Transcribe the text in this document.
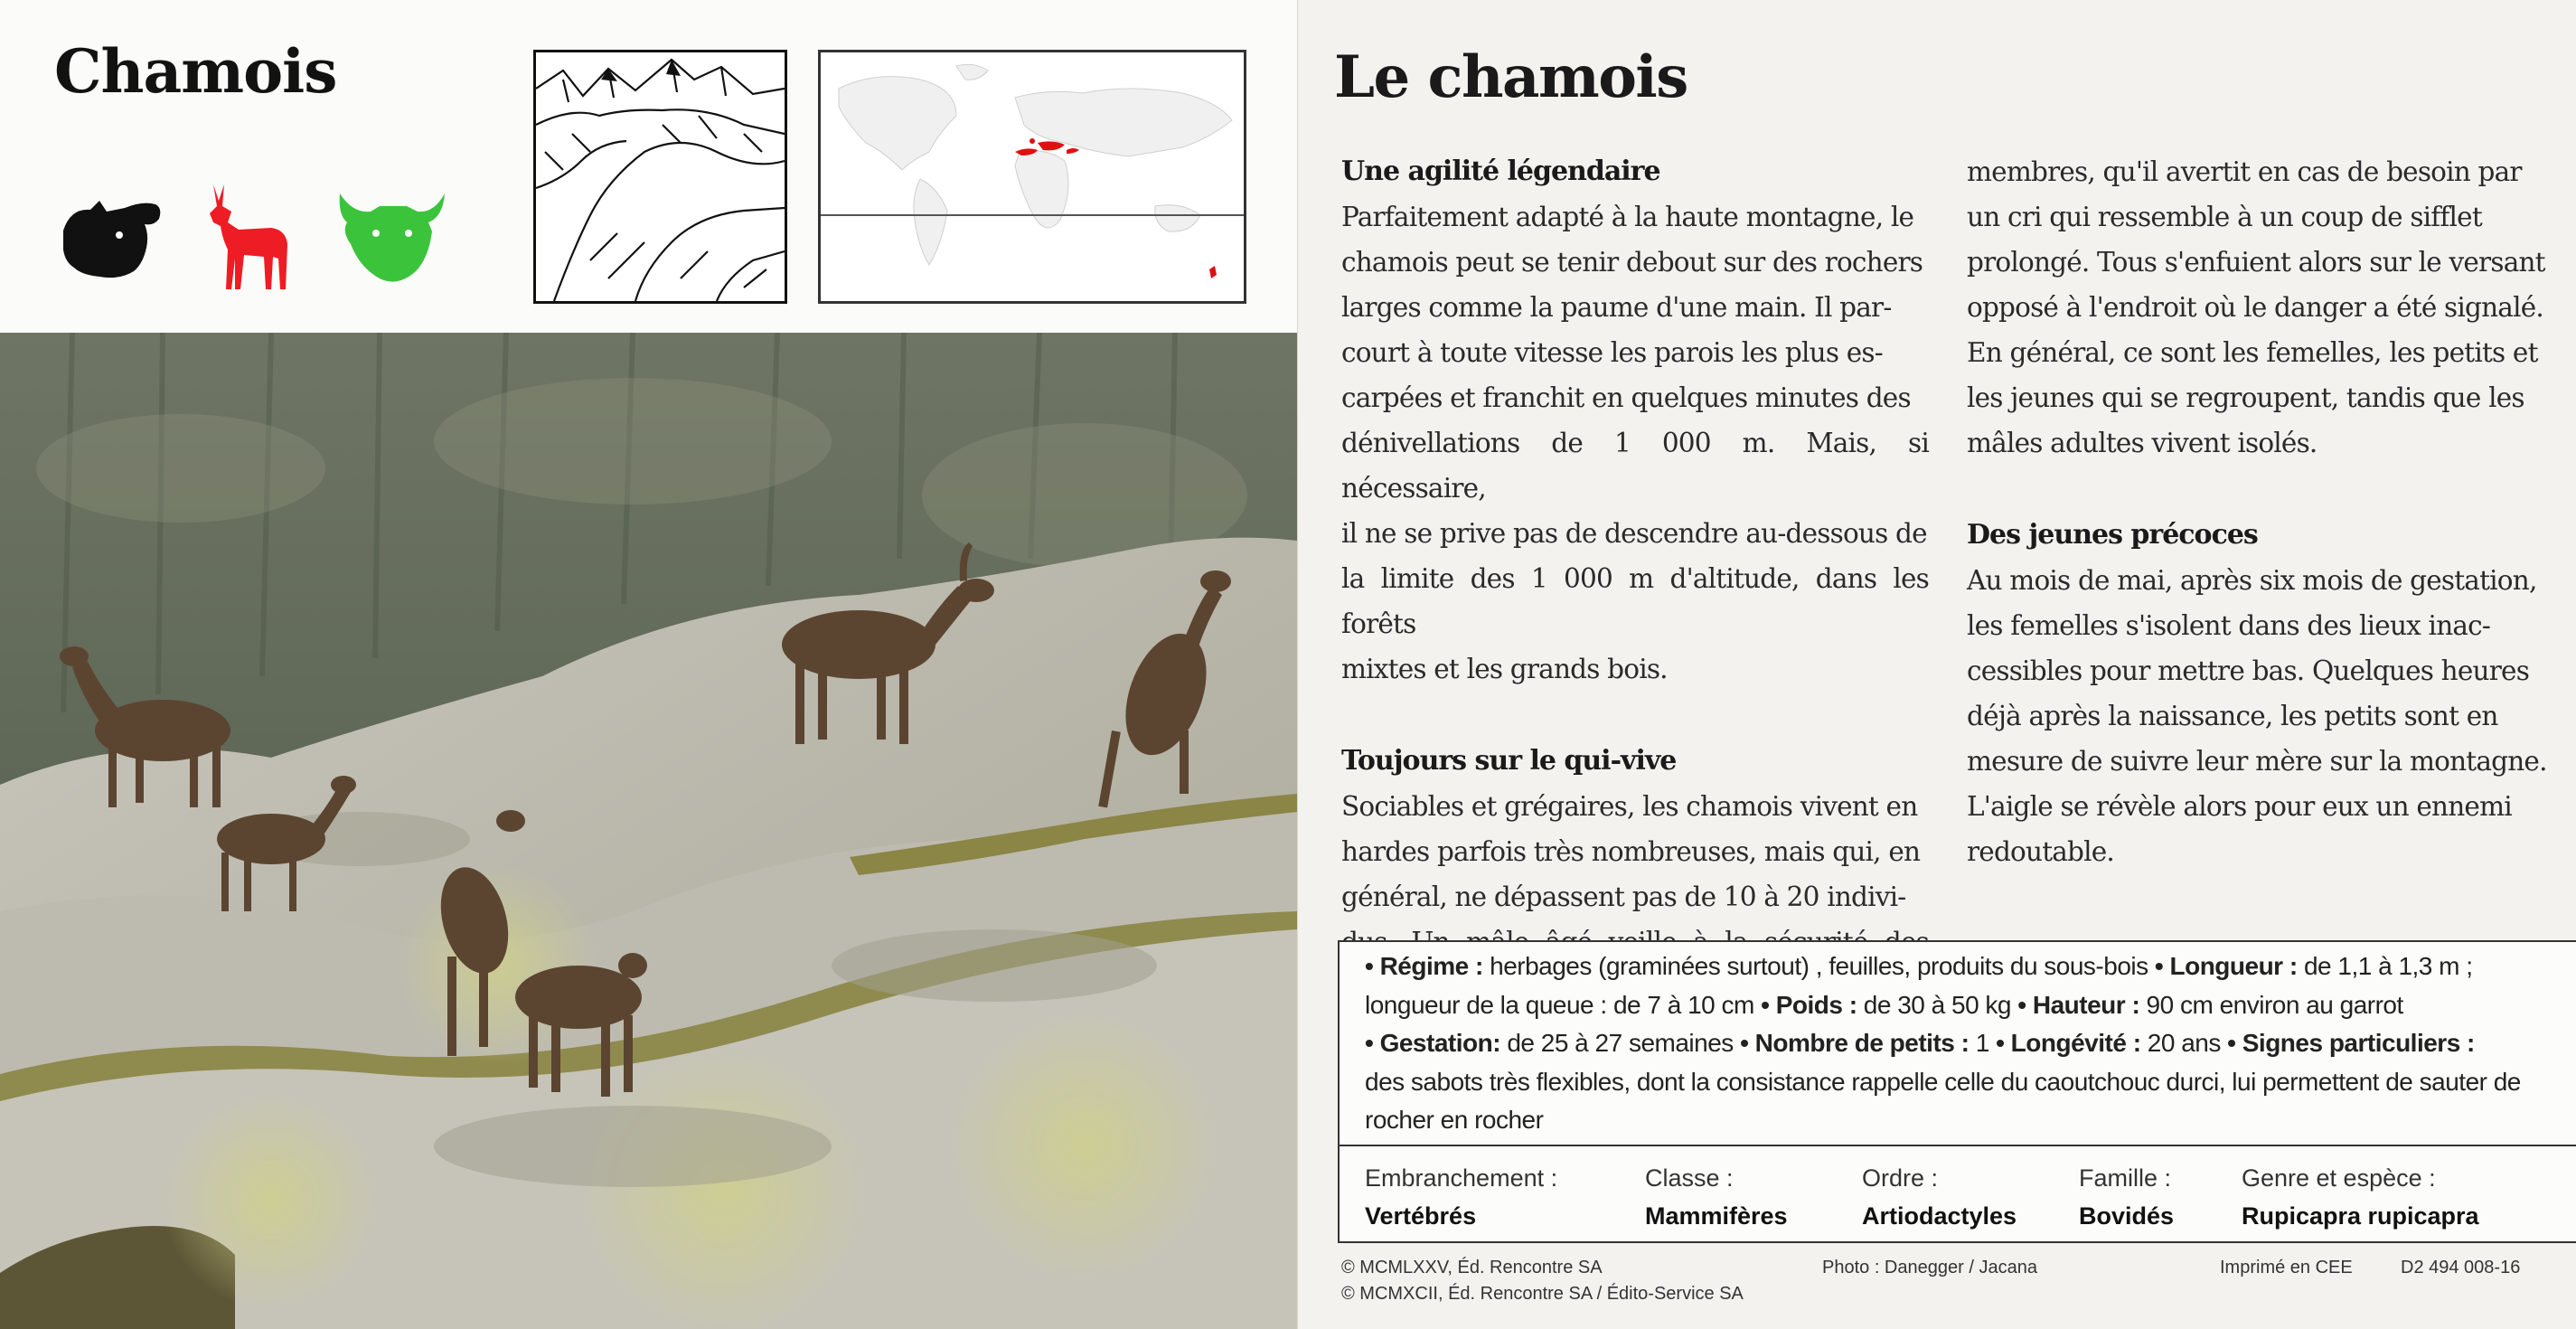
Chamois	Le chamois

Une agilité légendaire

Parfaitement adapté à la haute montagne, le

chamois peut se tenir debout sur des rochers

larges comme la paume d'une main. Il par-

court à toute vitesse les parois les plus es-

carpées et franchit en quelques minutes des

dénivellations de 1 000 m. Mais, si nécessaire,

il ne se prive pas de descendre au-dessous de

la limite des 1 000 m d'altitude, dans les forêts

mixtes et les grands bois.

Toujours sur le qui-vive

Sociables et grégaires, les chamois vivent en

hardes parfois très nombreuses, mais qui, en

général, ne dépassent pas de 10 à 20 indivi-

membres, qu'il avertit en cas de besoin par

un cri qui ressemble à un coup de sifflet

prolongé. Tous s'enfuient alors sur le versant

opposé à l'endroit où le danger a été signalé.

En général, ce sont les femelles, les petits et

les jeunes qui se regroupent, tandis que les

mâles adultes vivent isolés.

Des jeunes précoces

Au mois de mai, après six mois de gestation,

les femelles s'isolent dans des lieux inac-

cessibles pour mettre bas. Quelques heures

déjà après la naissance, les petits sont en

mesure de suivre leur mère sur la montagne.

L'aigle se révèle alors pour eux un ennemi

redoutable.

• Régime : herbages (graminées surtout) , feuilles, produits du sous-bois • Longueur : de 1,1 à 1,3 m ;
longueur de la queue : de 7 à 10 cm • Poids : de 30 à 50 kg • Hauteur : 90 cm environ au garrot
• Gestation: de 25 à 27 semaines • Nombre de petits : 1 • Longévité : 20 ans • Signes particuliers :
des sabots très flexibles, dont la consistance rappelle celle du caoutchouc durci, lui permettent de sauter de rocher en rocher
Embranchement :
Vertébrés
Classe :
Mammifères
Ordre :
Artiodactyles
Famille :
Bovidés
Genre et espèce :
Rupicapra rupicapra
© MCMLXXV, Éd. Rencontre SA
© MCMXCII, Éd. Rencontre SA / Édito-Service SA
Photo : Danegger / Jacana	Imprimé en CEE	D2 494 008-16
